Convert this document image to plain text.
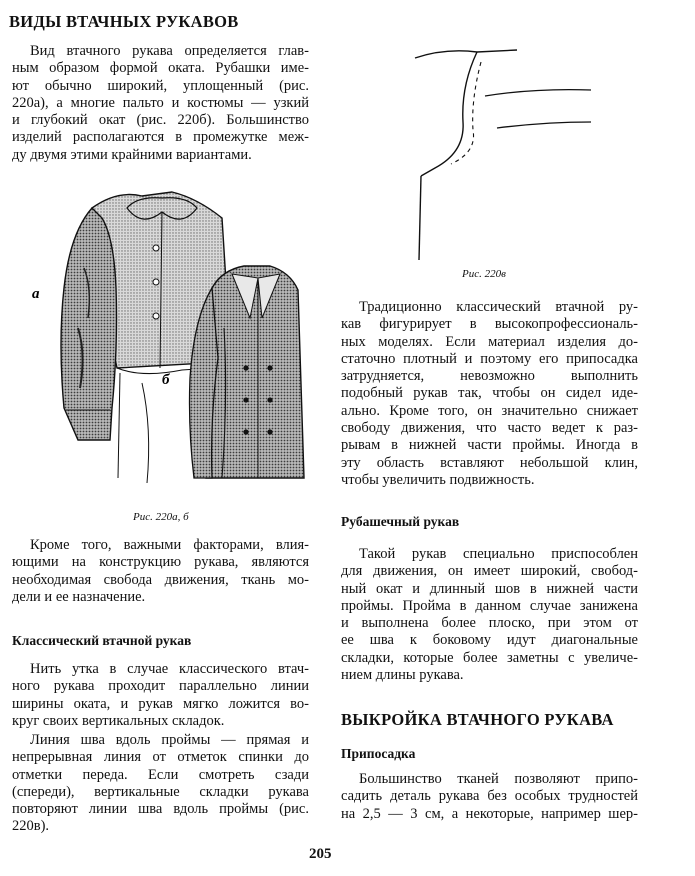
ВИДЫ ВТАЧНЫХ РУКАВОВ
Вид втачного рукава определяется глав-
ным образом формой оката. Рубашки име-
ют обычно широкий, уплощенный (рис.
220а), а многие пальто и костюмы — узкий
и глубокий окат (рис. 220б). Большинство
изделий располагаются в промежутке меж-
ду двумя этими крайними вариантами.
а
б
Рис. 220а, б
Кроме того, важными факторами, влия-
ющими на конструкцию рукава, являются
необходимая свобода движения, ткань мо-
дели и ее назначение.
Классический втачной рукав
Нить утка в случае классического втач-
ного рукава проходит параллельно линии
ширины оката, и рукав мягко ложится во-
круг своих вертикальных складок.
Линия шва вдоль проймы — прямая и
непрерывная линия от отметок спинки до
отметки переда. Если смотреть сзади
(спереди), вертикальные складки рукава
повторяют линии шва вдоль проймы (рис.
220в).
Рис. 220в
Традиционно классический втачной ру-
кав фигурирует в высокопрофессиональ-
ных моделях. Если материал изделия до-
статочно плотный и поэтому его припосадка
затрудняется, невозможно выполнить
подобный рукав так, чтобы он сидел иде-
ально. Кроме того, он значительно снижает
свободу движения, что часто ведет к раз-
рывам в нижней части проймы. Иногда в
эту область вставляют небольшой клин,
чтобы увеличить подвижность.
Рубашечный рукав
Такой рукав специально приспособлен
для движения, он имеет широкий, свобод-
ный окат и длинный шов в нижней части
проймы. Пройма в данном случае занижена
и выполнена более плоско, при этом от
ее шва к боковому идут диагональные
складки, которые более заметны с увеличе-
нием длины рукава.
ВЫКРОЙКА ВТАЧНОГО РУКАВА
Припосадка
Большинство тканей позволяют припо-
садить деталь рукава без особых трудностей
на 2,5 — 3 см, а некоторые, например шер-
205
